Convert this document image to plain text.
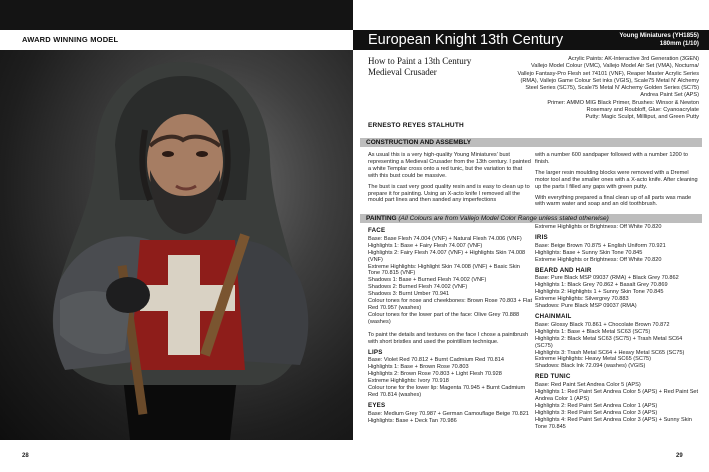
AWARD WINNING MODEL
28
European Knight 13th Century	Young Miniatures (YH1855)
180mm (1/10)
How to Paint a 13th Century
Medieval Crusader
Acrylic Paints: AK-Interactive 3rd Generation (3GEN)
Vallejo Model Colour (VMC), Vallejo Model Air Set (VMA), Nocturna/
Vallejo Fantasy-Pro Flesh set 74101 (VNF), Reaper Master Acrylic Series
(RMA), Vallejo Game Colour Set inks (VGIS), Scale75 Metal N' Alchemy
Steel Series (SC75), Scale75 Metal N' Alchemy Golden Series (SC75)
Andrea Paint Set (APS)
Primer: AMMO MIG Black Primer, Brushes: Winsor & Newton
Rosemary and Roubloff, Glue: Cyanoacrylate
Putty: Magic Sculpt, Millliput, and Green Putty
ERNESTO REYES STALHUTH
CONSTRUCTION AND ASSEMBLY

As usual this is a very high-quality Young Miniatures' bust representing a Medieval Crusader from the 13th century. I painted a white Templar cross onto a red tunic, but the variation to that with this bust could be massive.

The bust is cast very good quality resin and is easy to clean up to prepare it for painting. Using an X-acto knife I removed all the mould part lines and then sanded any imperfections

with a number 600 sandpaper followed with a number 1200 to finish.

The larger resin moulding blocks were removed with a Dremel motor tool and the smaller ones with a X-acto knife. After cleaning up the parts I filled any gaps with green putty.

With everything prepared a final clean up of all parts was made with warm water and soap and an old toothbrush.

PAINTING (All Colours are from Vallejo Model Color Range unless stated otherwise)
FACE
Base: Base Flesh 74.004 (VNF) + Natural Flesh 74.006 (VNF)
Highlights 1: Base + Fairy Flesh 74.007 (VNF)
Highlights 2: Fairy Flesh 74.007 (VNF) + Highlights Skin 74.008 (VNF)
Extreme Highlights: Highlight Skin 74.008 (VNF) + Basic Skin Tone 70.815 (VNF)
Shadows 1: Base + Burned Flesh 74.002 (VNF)
Shadows 2: Burned Flesh 74.002 (VNF)
Shadows 3: Burnt Umber 70.941
Colour tones for nose and cheekbones: Brown Rose 70.803 + Flat Red 70.957 (washes)
Colour tones for the lower part of the face: Olive Grey 70.888 (washes)

To paint the details and textures on the face I chose a paintbrush with short bristles and used the pointillism technique.

LIPS
Base: Violet Red 70.812 + Burnt Cadmium Red 70.814
Highlights 1: Base + Brown Rose 70.803
Highlights 2: Brown Rose 70.803 + Light Flesh 70.928
Extreme Highlights: Ivory 70.918
Colour tone for the lower lip: Magenta 70.945 + Burnt Cadmium Red 70.814 (washes)
EYES
Base: Medium Grey 70.987 + German Camouflage Beige 70.821
Highlights: Base + Deck Tan 70.986
Extreme Highlights or Brightness: Off White 70.820
IRIS
Base: Beige Brown 70.875 + English Uniform 70.921
Highlights: Base + Sunny Skin Tone 70.845
Extreme Highlights or Brightness: Off White 70.820
BEARD AND HAIR
Base: Pure Black MSP 09037 (RMA) + Black Grey 70.862
Highlights 1: Black Grey 70.862 + Basalt Grey 70.869
Highlights 2: Highlights 1 + Sunny Skin Tone 70.845
Extreme Highlights: Silvergrey 70.883
Shadows: Pure Black MSP 09037 (RMA)
CHAINMAIL
Base: Glossy Black 70.861 + Chocolate Brown 70.872
Highlights 1: Base + Black Metal SC63 (SC75)
Highlights 2: Black Metal SC63 (SC75) + Trash Metal SC64 (SC75)
Highlights 3: Trash Metal SC64 + Heavy Metal SC65 (SC75)
Extreme Highlights: Heavy Metal SC65 (SC75)
Shadows: Black Ink 72.094 (washes) (VGIS)
RED TUNIC
Base: Red Paint Set Andrea Color 5 (APS)
Highlights 1: Red Paint Set Andrea Color 5 (APS) + Red Paint Set Andrea Color 1 (APS)
Highlights 2: Red Paint Set Andrea Color 1 (APS)
Highlights 3: Red Paint Set Andrea Color 3 (APS)
Highlights 4: Red Paint Set Andrea Color 3 (APS) + Sunny Skin Tone 70.845
29
